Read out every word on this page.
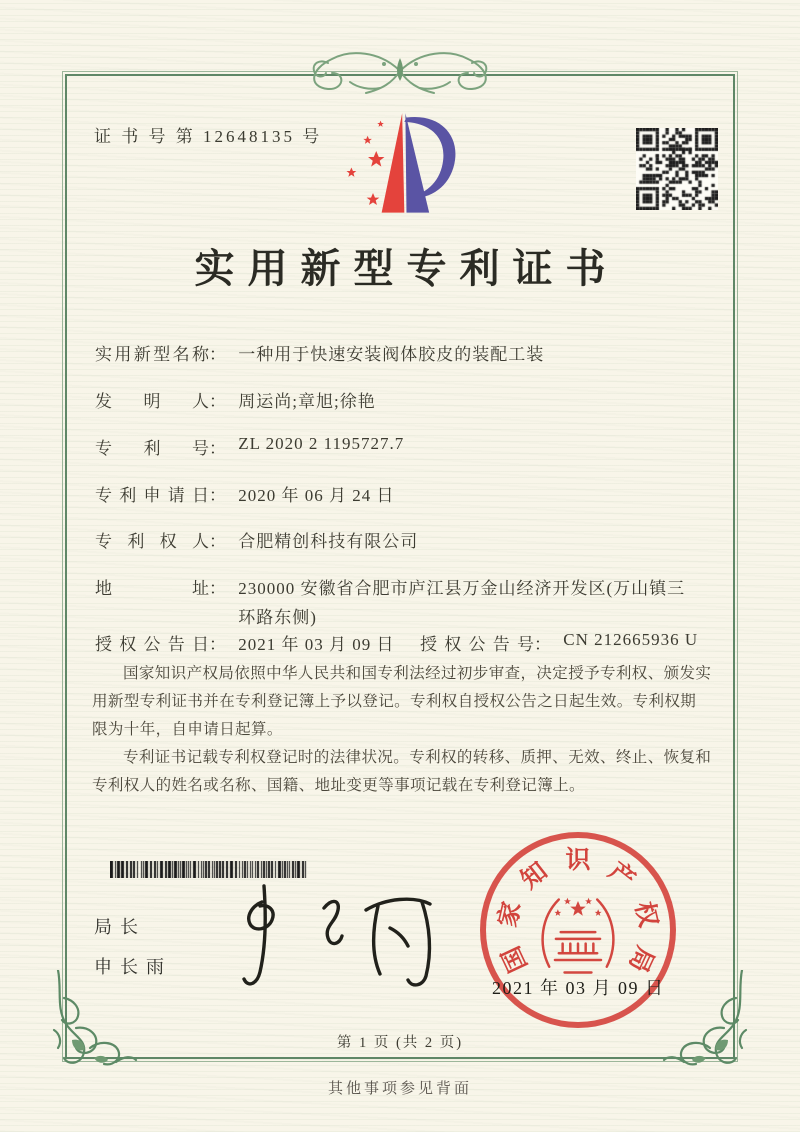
证 书 号 第 12648135 号
实用新型专利证书
实用新型名称： 一种用于快速安装阀体胶皮的装配工装
发明人： 周运尚;章旭;徐艳
专利号： ZL 2020 2 1195727.7
专利申请日： 2020 年 06 月 24 日
专利权人： 合肥精创科技有限公司
地址： 230000 安徽省合肥市庐江县万金山经济开发区(万山镇三环路东侧)
授权公告日： 2021 年 03 月 09 日 授权公告号： CN 212665936 U

国家知识产权局依照中华人民共和国专利法经过初步审查，决定授予专利权、颁发实用新型专利证书并在专利登记簿上予以登记。专利权自授权公告之日起生效。专利权期限为十年，自申请日起算。

专利证书记载专利权登记时的法律状况。专利权的转移、质押、无效、终止、恢复和专利权人的姓名或名称、国籍、地址变更等事项记载在专利登记簿上。

局长
申长雨	国
家
知 识 产
权
局
2021 年 03 月 09 日
第 1 页 (共 2 页)
其他事项参见背面
